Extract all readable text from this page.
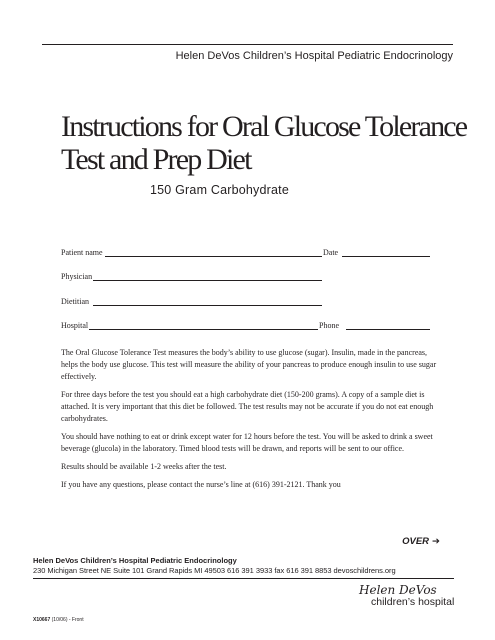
Helen DeVos Children’s Hospital Pediatric Endocrinology
Instructions for Oral Glucose Tolerance Test and Prep Diet
150 Gram Carbohydrate
Patient name	Date
Physician
Dietitian
Hospital	Phone

The Oral Glucose Tolerance Test measures the body’s ability to use glucose (sugar). Insulin, made in the pancreas, helps the body use glucose. This test will measure the ability of your pancreas to produce enough insulin to use sugar effectively.

For three days before the test you should eat a high carbohydrate diet (150-200 grams). A copy of a sample diet is attached. It is very important that this diet be followed. The test results may not be accurate if you do not eat enough carbohydrates.

You should have nothing to eat or drink except water for 12 hours before the test. You will be asked to drink a sweet beverage (glucola) in the laboratory. Timed blood tests will be drawn, and reports will be sent to our office.

Results should be available 1-2 weeks after the test.

If you have any questions, please contact the nurse’s line at (616) 391-2121. Thank you

OVER ➔
Helen DeVos Children’s Hospital Pediatric Endocrinology
230 Michigan Street NE Suite 101 Grand Rapids MI 49503 616 391 3933 fax 616 391 8853 devoschildrens.org
Helen DeVos
children’s hospital
X10667 (10/06) - Front
